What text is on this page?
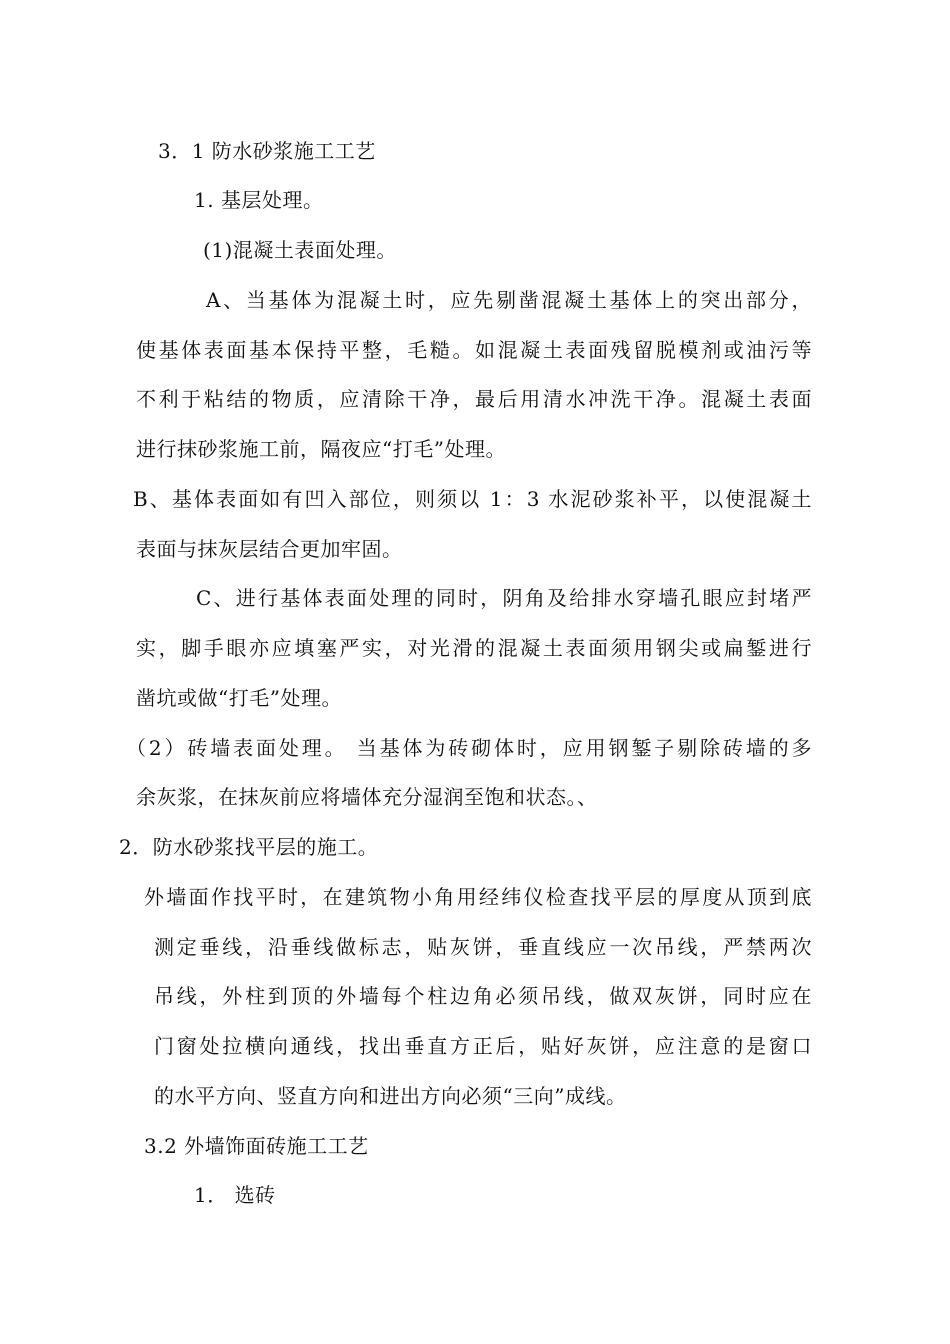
3．1 防水砂浆施工工艺
1. 基层处理。
(1)混凝土表面处理。
A、当基体为混凝土时，应先剔凿混凝土基体上的突出部分，
使基体表面基本保持平整，毛糙。如混凝土表面残留脱模剂或油污等
不利于粘结的物质，应清除干净，最后用清水冲洗干净。混凝土表面
进行抹砂浆施工前，隔夜应“打毛”处理。
B、基体表面如有凹入部位，则须以 1：3 水泥砂浆补平，以使混凝土
表面与抹灰层结合更加牢固。
C、进行基体表面处理的同时，阴角及给排水穿墙孔眼应封堵严
实，脚手眼亦应填塞严实，对光滑的混凝土表面须用钢尖或扁錾进行
凿坑或做“打毛”处理。
（2）砖墙表面处理。 当基体为砖砌体时，应用钢錾子剔除砖墙的多
余灰浆，在抹灰前应将墙体充分湿润至饱和状态。、
2．防水砂浆找平层的施工。
外墙面作找平时，在建筑物小角用经纬仪检查找平层的厚度从顶到底
测定垂线，沿垂线做标志，贴灰饼，垂直线应一次吊线，严禁两次
吊线，外柱到顶的外墙每个柱边角必须吊线，做双灰饼，同时应在
门窗处拉横向通线，找出垂直方正后，贴好灰饼，应注意的是窗口
的水平方向、竖直方向和进出方向必须“三向”成线。
3.2 外墙饰面砖施工工艺
1． 选砖
